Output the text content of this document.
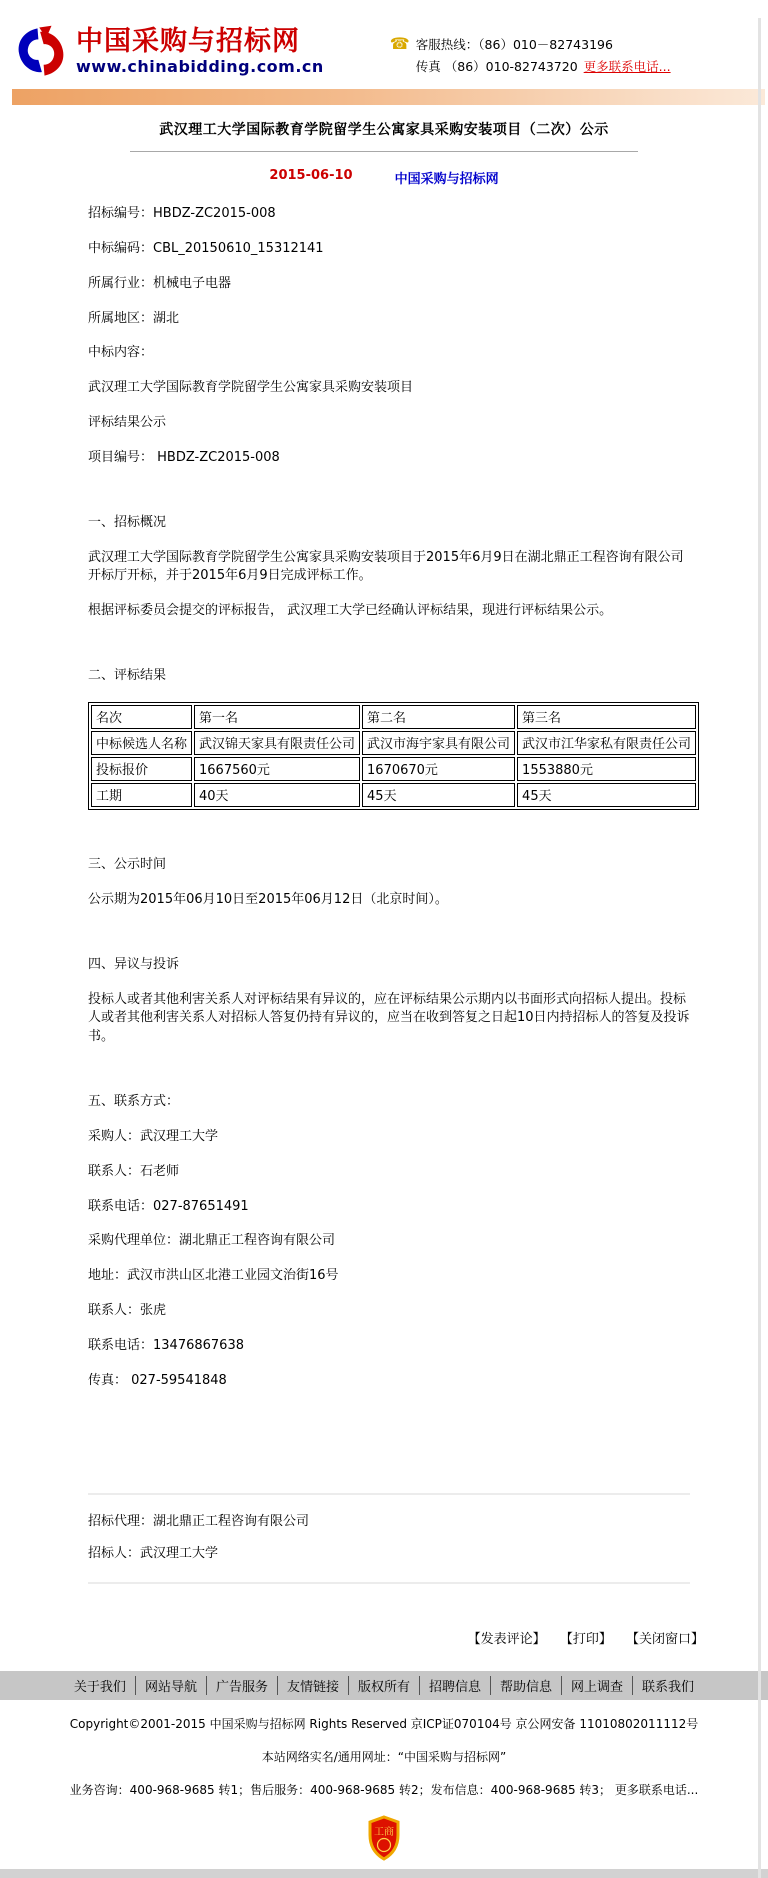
中国采购与招标网
www.chinabidding.com.cn
☎ 客服热线：（86）010－82743196
传真 （86）010-82743720 更多联系电话...
武汉理工大学国际教育学院留学生公寓家具采购安装项目（二次）公示
2015-06-10	中国采购与招标网

招标编号：HBDZ-ZC2015-008

中标编码：CBL_20150610_15312141

所属行业：机械电子电器

所属地区：湖北

中标内容：

武汉理工大学国际教育学院留学生公寓家具采购安装项目

评标结果公示

项目编号： HBDZ-ZC2015-008

一、招标概况

武汉理工大学国际教育学院留学生公寓家具采购安装项目于2015年6月9日在湖北鼎正工程咨询有限公司开标厅开标，并于2015年6月9日完成评标工作。

根据评标委员会提交的评标报告， 武汉理工大学已经确认评标结果，现进行评标结果公示。

二、评标结果

名次	第一名	第二名	第三名
中标候选人名称	武汉锦天家具有限责任公司	武汉市海宇家具有限公司	武汉市江华家私有限责任公司
投标报价	1667560元	1670670元	1553880元
工期	40天	45天	45天

三、公示时间

公示期为2015年06月10日至2015年06月12日（北京时间）。

四、异议与投诉

投标人或者其他利害关系人对评标结果有异议的，应在评标结果公示期内以书面形式向招标人提出。投标人或者其他利害关系人对招标人答复仍持有异议的，应当在收到答复之日起10日内持招标人的答复及投诉书。

五、联系方式：

采购人：武汉理工大学

联系人：石老师

联系电话：027-87651491

采购代理单位：湖北鼎正工程咨询有限公司

地址：武汉市洪山区北港工业园文治街16号

联系人：张虎

联系电话：13476867638

传真： 027-59541848

招标代理：湖北鼎正工程咨询有限公司

招标人：武汉理工大学

【发表评论】 【打印】 【关闭窗口】
关于我们	网站导航	广告服务	友情链接	版权所有	招聘信息	帮助信息	网上调查	联系我们

Copyright©2001-2015 中国采购与招标网 Rights Reserved 京ICP证070104号 京公网安备 11010802011112号

本站网络实名/通用网址：“中国采购与招标网”

业务咨询：400-968-9685 转1；售后服务：400-968-9685 转2；发布信息：400-968-9685 转3； 更多联系电话...

工商
